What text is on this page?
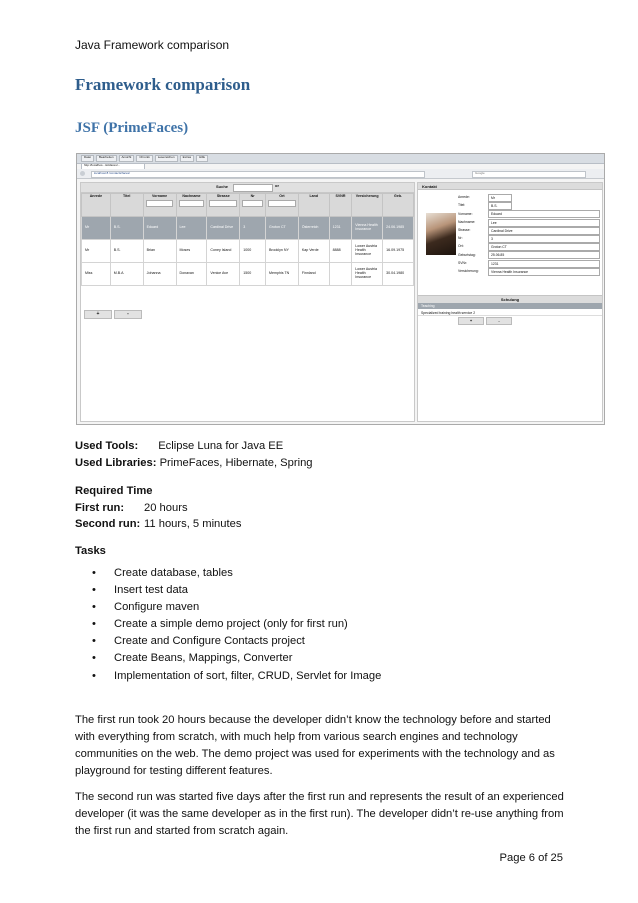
Java Framework comparison
Framework comparison
JSF (PrimeFaces)
Datei	Bearbeiten	Ansicht	Chronik	Lesezeichen	Extras	Hilfe
http://localhos...ts/sfaces/...
localhost:8 /contacts/faces/	Google
Suche	or
Anrede	Titel	Vorname	Nachname	Strasse	Nr	Ort	Land	SVNR	Versicherung	Geb.
Mr	B.S.	Eduard	Lee	Cardinal Drive	3	Groton CT	Österreich	1231	Vienna Health Insurance	24.06.1985
Mr	B.S.	Brian	Moses	Coney Island	1000	Brooklyn NY	Kap Verde	8888	Lower Austria Health Insurance	16.09.1975
Miss	M.B.A	Johanna	Donavan	Venice Ave	1500	Memphis TN	Finnland		Lower Austria Health Insurance	30.04.1980
+	-
Kontakt
Anrede:	Mr
Titel:	B.S.
Vorname:	Eduard
Nachname:	Lee
Strasse:	Cardinal Drive
Nr:	3
Ort:	Groton CT
Geburtstag:	25.06.85
SVNr:	1231
Versicherung:	Vienna Health Insurance
Schulung
Teaching
Specialized training health service 2
+	-
Used Tools: Eclipse Luna for Java EE
Used Libraries: PrimeFaces, Hibernate, Spring
Required Time
First run: 20 hours
Second run: 11 hours, 5 minutes
Tasks
• Create database, tables
• Insert test data
• Configure maven
• Create a simple demo project (only for first run)
• Create and Configure Contacts project
• Create Beans, Mappings, Converter
• Implementation of sort, filter, CRUD, Servlet for Image
The first run took 20 hours because the developer didn’t know the technology before and started with everything from scratch, with much help from various search engines and technology communities on the web. The demo project was used for experiments with the technology and as playground for testing different features.
The second run was started five days after the first run and represents the result of an experienced developer (it was the same developer as in the first run). The developer didn’t re-use anything from the first run and started from scratch again.
Page 6 of 25
